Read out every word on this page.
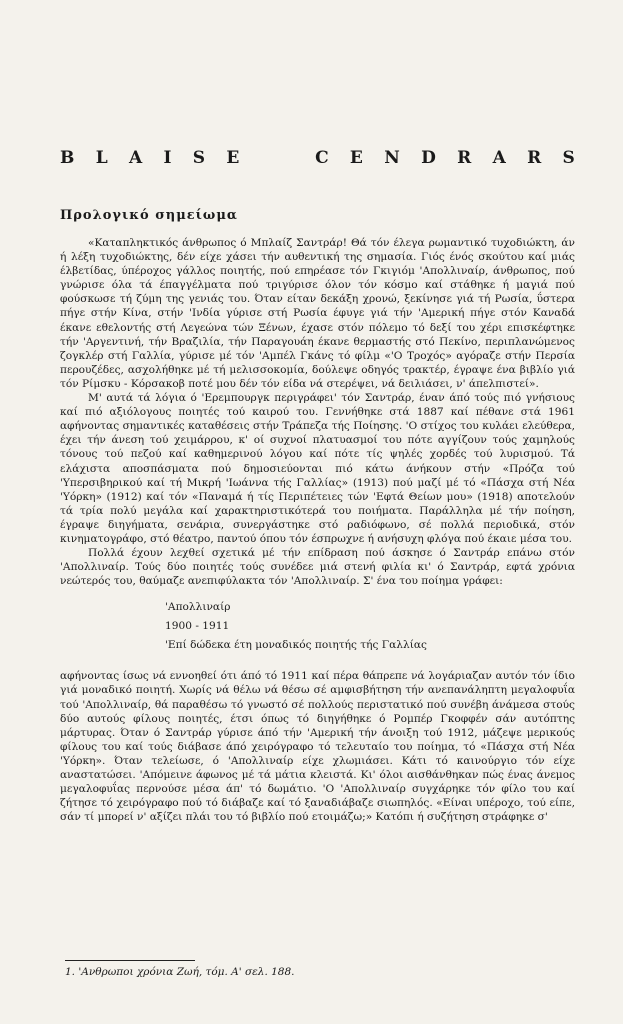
B L A I S E

	C E N D R A R S
Προλογικό σημείωμα

«Καταπληκτικός άνθρωπος ό Μπλαίζ Σαντράρ! Θά τόν έλεγα ρωμαντικό τυχοδιώκτη, άν ή λέξη τυχοδιώκτης, δέν είχε χάσει τήν αυθεντική της σημασία. Γιός ένός σκούτου καί μιάς έλβετίδας, ύπέροχος γάλλος ποιητής, πού επηρέασε τόν Γκιγιόμ 'Απολλιναίρ, άνθρωπος, πού γνώρισε όλα τά έπαγγέλματα πού τριγύρισε όλον τόν κόσμο καί στάθηκε ή μαγιά πού φούσκωσε τή ζύμη της γενιάς του. Όταν είταν δεκάξη χρονώ, ξεκίνησε γιά τή Ρωσία, ΰστερα πήγε στήν Κίνα, στήν 'Ινδία γύρισε στή Ρωσία έφυγε γιά τήν 'Αμερική πήγε στόν Καναδά έκανε εθελοντής στή Λεγεώνα τών Ξένων, έχασε στόν πόλεμο τό δεξί του χέρι επισκέφτηκε τήν 'Αργεντινή, τήν Βραζιλία, τήν Παραγουάη έκανε θερμαστής στό Πεκίνο, περιπλανώμενος ζογκλέρ στή Γαλλία, γύρισε μέ τόν 'Αμπέλ Γκάνς τό φίλμ «'Ο Τροχός» αγόραζε στήν Περσία περουζέδες, ασχολήθηκε μέ τή μελισσοκομία, δούλεψε οδηγός τρακτέρ, έγραψε ένα βιβλίο γιά τόν Ρίμσκυ - Κόρσακοβ ποτέ μου δέν τόν είδα νά στερέψει, νά δειλιάσει, ν' άπελπιστεί».

Μ' αυτά τά λόγια ό 'Ερεμπουργκ περιγράφει' τόν Σαντράρ, έναν άπό τούς πιό γνήσιους καί πιό αξιόλογους ποιητές τού καιρού του. Γεννήθηκε στά 1887 καί πέθανε στά 1961 αφήνοντας σημαντικές καταθέσεις στήν Τράπεζα τής Ποίησης. 'Ο στίχος του κυλάει ελεύθερα, έχει τήν άνεση τού χειμάρρου, κ' οί συχνοί πλατυασμοί του πότε αγγίζουν τούς χαμηλούς τόνους τού πεζού καί καθημερινού λόγου καί πότε τίς ψηλές χορδές τού λυρισμού. Τά ελάχιστα αποσπάσματα πού δημοσιεύονται πιό κάτω άνήκουν στήν «Πρόζα τού 'Υπερσιβηρικού καί τή Μικρή 'Ιωάννα τής Γαλλίας» (1913) πού μαζί μέ τό «Πάσχα στή Νέα 'Υόρκη» (1912) καί τόν «Παναμά ή τίς Περιπέτειες τών 'Εφτά Θείων μου» (1918) αποτελούν τά τρία πολύ μεγάλα καί χαρακτηριστικότερά του ποιήματα. Παράλληλα μέ τήν ποίηση, έγραψε διηγήματα, σενάρια, συνεργάστηκε στό ραδιόφωνο, σέ πολλά περιοδικά, στόν κινηματογράφο, στό θέατρο, παντού όπου τόν έσπρωχνε ή ανήσυχη φλόγα πού έκαιε μέσα του.

Πολλά έχουν λεχθεί σχετικά μέ τήν επίδραση πού άσκησε ό Σαντράρ επάνω στόν 'Απολλιναίρ. Τούς δύο ποιητές τούς συνέδεε μιά στενή φιλία κι' ό Σαντράρ, εφτά χρόνια νεώτερός του, θαύμαζε ανεπιφύλακτα τόν 'Απολλιναίρ. Σ' ένα του ποίημα γράφει:

'Απολλιναίρ
1900 - 1911
'Επί δώδεκα έτη μοναδικός ποιητής τής Γαλλίας

αφήνοντας ίσως νά εννοηθεί ότι άπό τό 1911 καί πέρα θάπρεπε νά λογάριαζαν αυτόν τόν ίδιο γιά μοναδικό ποιητή. Χωρίς νά θέλω νά θέσω σέ αμφισβήτηση τήν ανεπανάληπτη μεγαλοφυΐα τού 'Απολλιναίρ, θά παραθέσω τό γνωστό σέ πολλούς περιστατικό πού συνέβη άνάμεσα στούς δύο αυτούς φίλους ποιητές, έτσι όπως τό διηγήθηκε ό Ρομπέρ Γκοφφέν σάν αυτόπτης μάρτυρας. Όταν ό Σαντράρ γύρισε άπό τήν 'Αμερική τήν άνοιξη τού 1912, μάζεψε μερικούς φίλους του καί τούς διάβασε άπό χειρόγραφο τό τελευταίο του ποίημα, τό «Πάσχα στή Νέα 'Υόρκη». Όταν τελείωσε, ό 'Απολλιναίρ είχε χλωμιάσει. Κάτι τό καινούργιο τόν είχε αναστατώσει. 'Απόμεινε άφωνος μέ τά μάτια κλειστά. Κι' όλοι αισθάνθηκαν πώς ένας άνεμος μεγαλοφυΐας περνούσε μέσα άπ' τό δωμάτιο. 'Ο 'Απολλιναίρ συγχάρηκε τόν φίλο του καί ζήτησε τό χειρόγραφο πού τό διάβαζε καί τό ξαναδιάβαζε σιωπηλός. «Είναι υπέροχο, τού είπε, σάν τί μπορεί ν' αξίζει πλάι του τό βιβλίο πού ετοιμάζω;» Κατόπι ή συζήτηση στράφηκε σ'

1. 'Ανθρωποι χρόνια Ζωή, τόμ. Α' σελ. 188.
